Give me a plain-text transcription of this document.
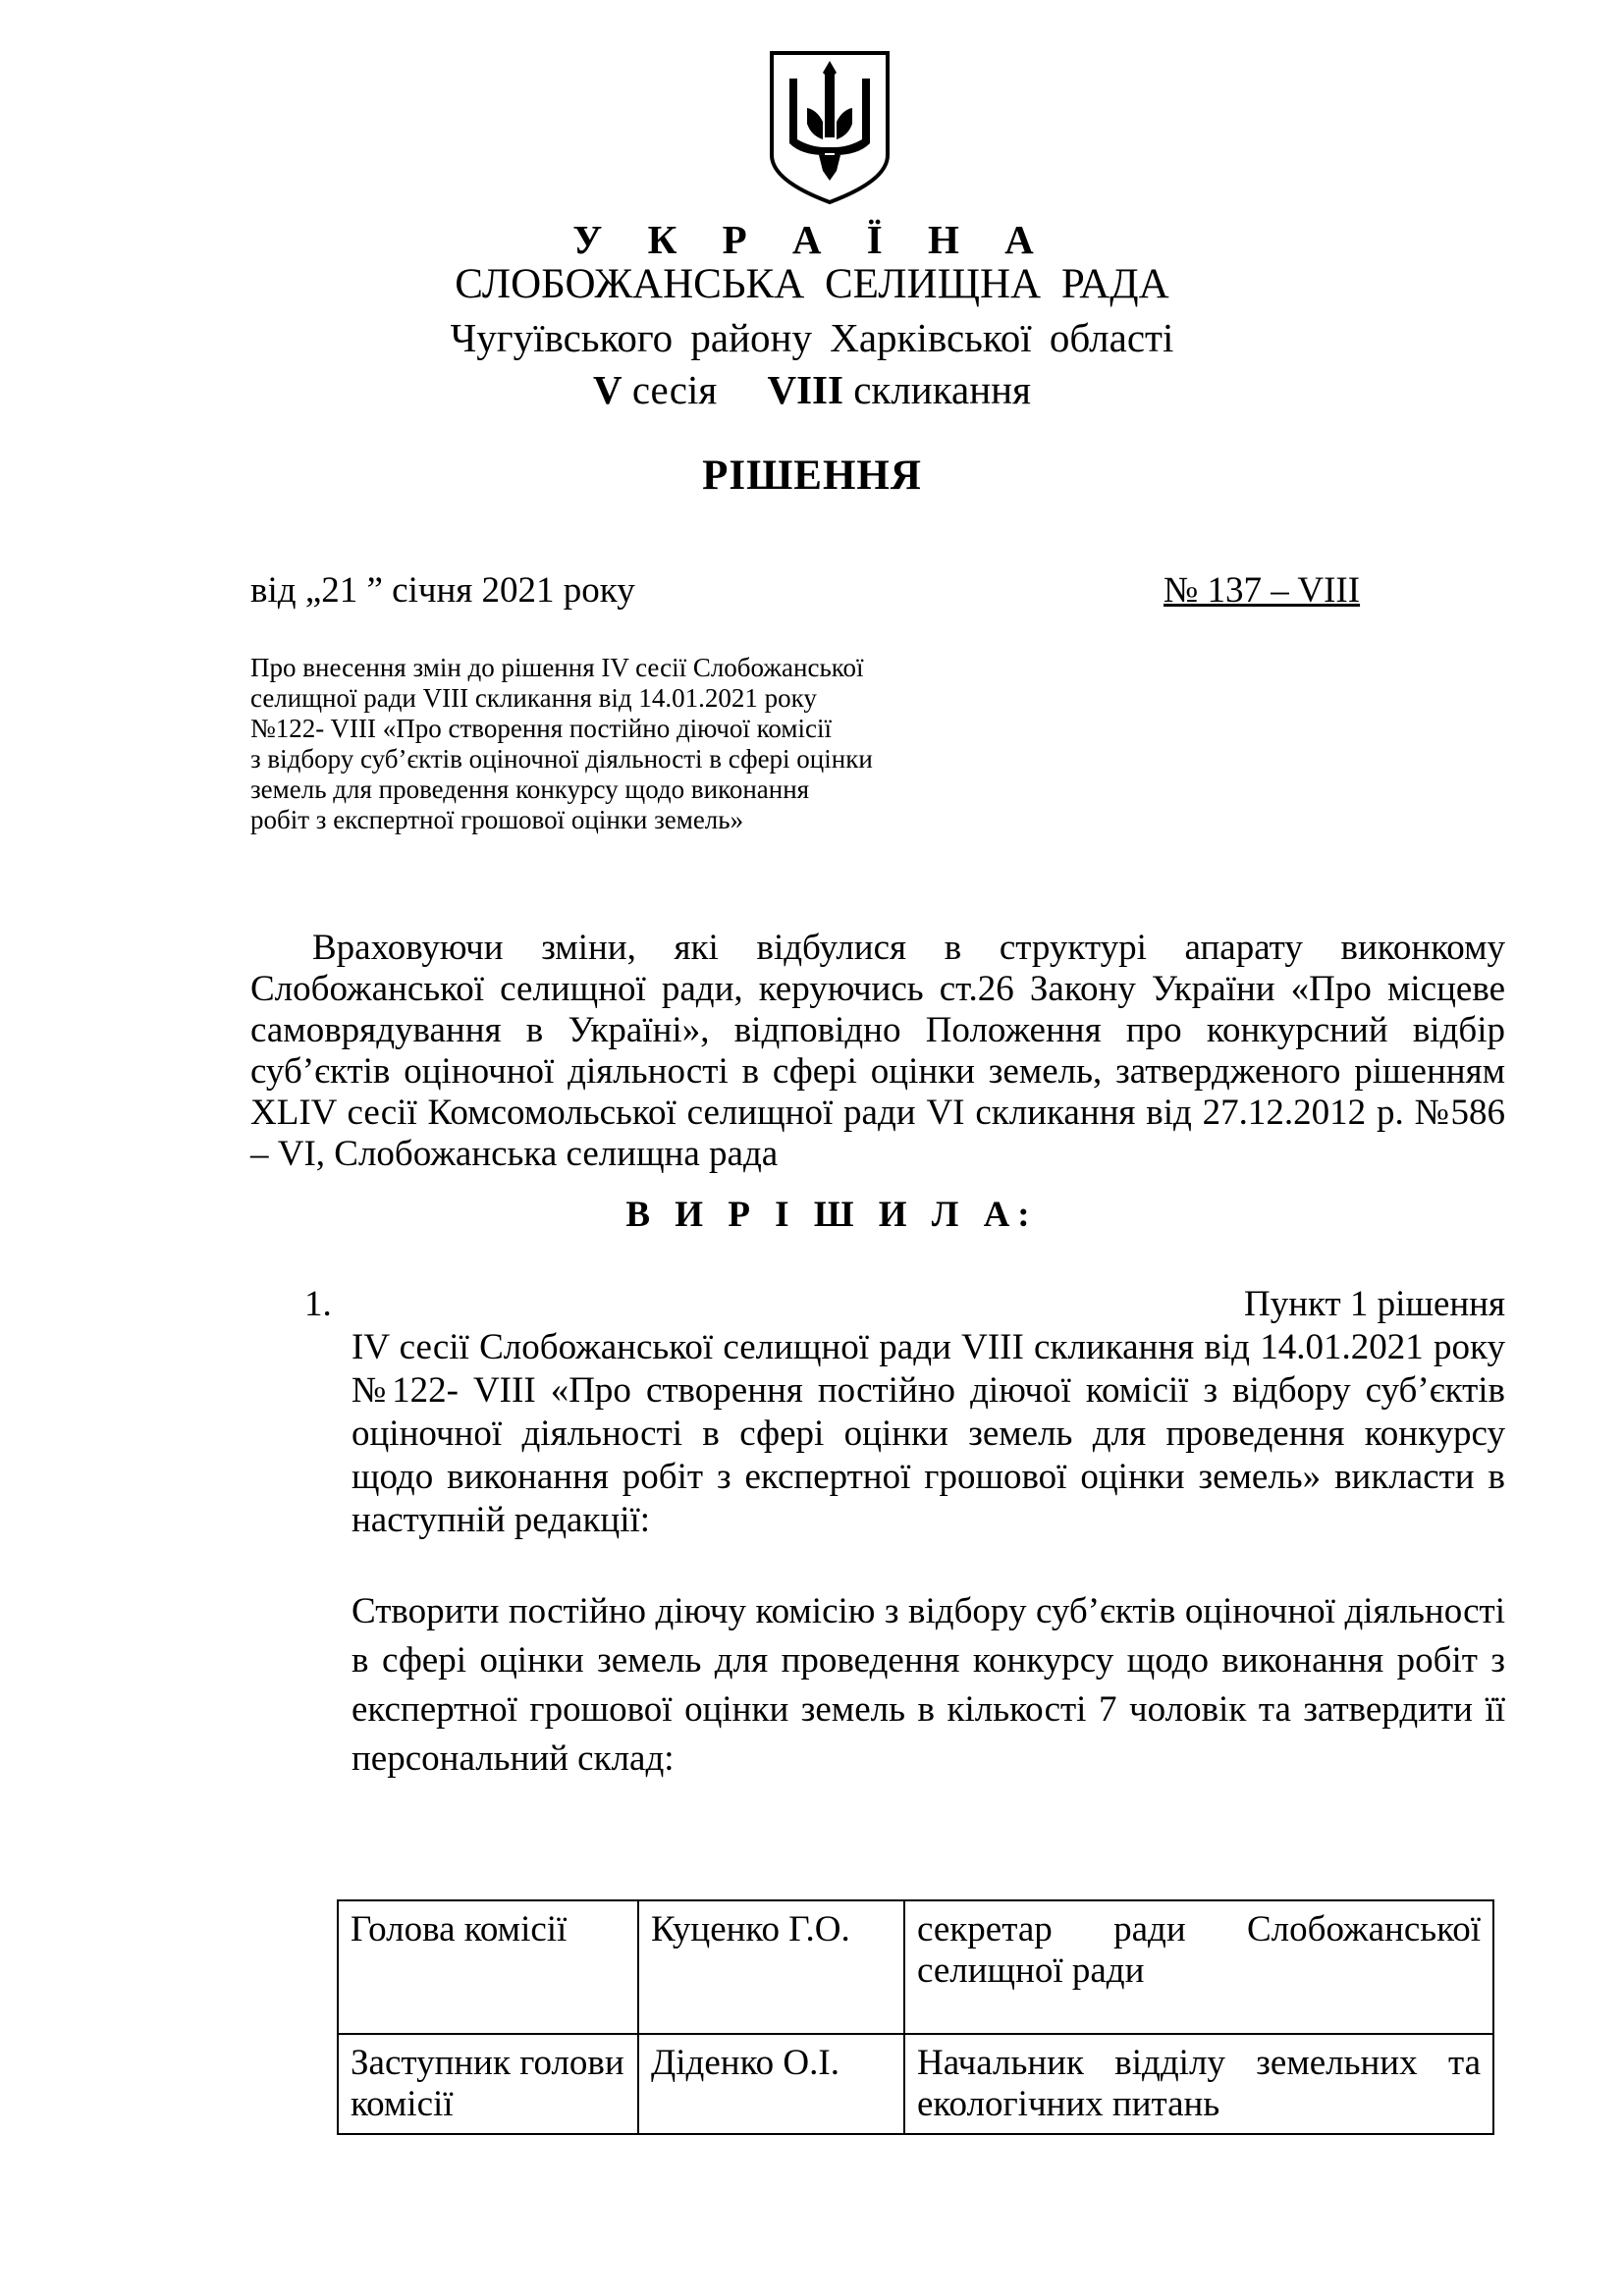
У К Р А Ї Н А
СЛОБОЖАНСЬКА СЕЛИЩНА РАДА
Чугуївського району Харківської області
V сесія VIII скликання
РІШЕННЯ
від „21 ” січня 2021 року	№ 137 – VIII
Про внесення змін до рішення IV сесії Слобожанської
селищної ради VIII скликання від 14.01.2021 року
№122- VIII «Про створення постійно діючої комісії
з відбору суб’єктів оціночної діяльності в сфері оцінки
земель для проведення конкурсу щодо виконання
робіт з експертної грошової оцінки земель»
Враховуючи зміни, які відбулися в структурі апарату виконкому Слобожанської селищної ради, керуючись ст.26 Закону України «Про місцеве самоврядування в Україні», відповідно Положення про конкурсний відбір суб’єктів оціночної діяльності в сфері оцінки земель, затвердженого рішенням XLIV сесії Комсомольської селищної ради VI скликання від 27.12.2012 р. №586 – VI, Слобожанська селищна рада
В И Р І Ш И Л А:
1.	Пункт 1 рішення
IV сесії Слобожанської селищної ради VIII скликання від 14.01.2021 року №122- VIII «Про створення постійно діючої комісії з відбору суб’єктів оціночної діяльності в сфері оцінки земель для проведення конкурсу щодо виконання робіт з експертної грошової оцінки земель» викласти в наступній редакції:
Створити постійно діючу комісію з відбору суб’єктів оціночної діяльності в сфері оцінки земель для проведення конкурсу щодо виконання робіт з експертної грошової оцінки земель в кількості 7 чоловік та затвердити її персональний склад:
Голова комісії	Куценко Г.О.	секретар ради Слобожанської селищної ради
Заступник голови комісії	Діденко О.І.	Начальник відділу земельних та екологічних питань
